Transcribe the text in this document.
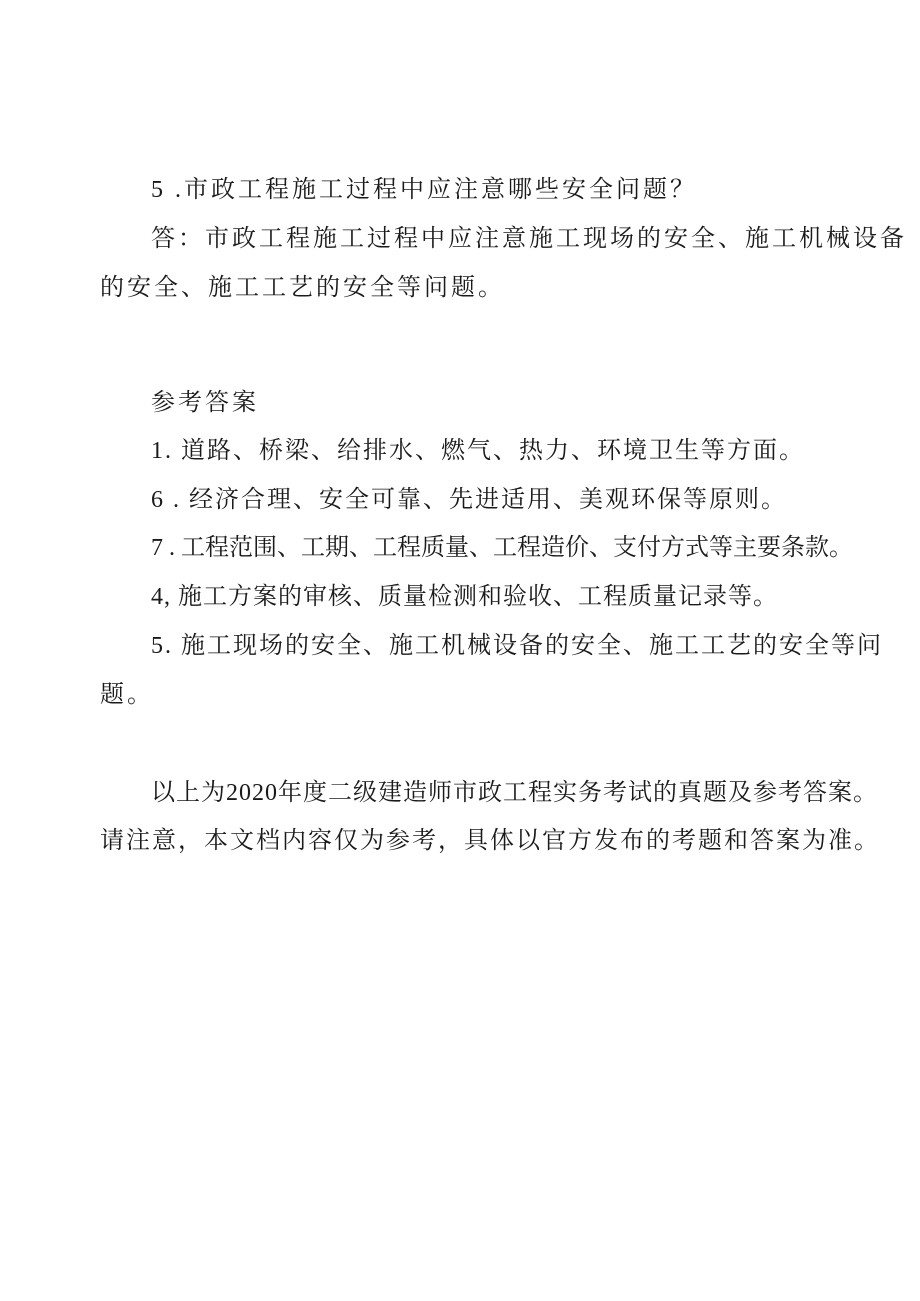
5 .市政工程施工过程中应注意哪些安全问题？
答：市政工程施工过程中应注意施工现场的安全、施工机械设备
的安全、施工工艺的安全等问题。
参考答案
1. 道路、桥梁、给排水、燃气、热力、环境卫生等方面。
6 . 经济合理、安全可靠、先进适用、美观环保等原则。
7 . 工程范围、工期、工程质量、工程造价、支付方式等主要条款。
4, 施工方案的审核、质量检测和验收、工程质量记录等。
5. 施工现场的安全、施工机械设备的安全、施工工艺的安全等问
题。
以上为2020年度二级建造师市政工程实务考试的真题及参考答案。
请注意，本文档内容仅为参考，具体以官方发布的考题和答案为准。
